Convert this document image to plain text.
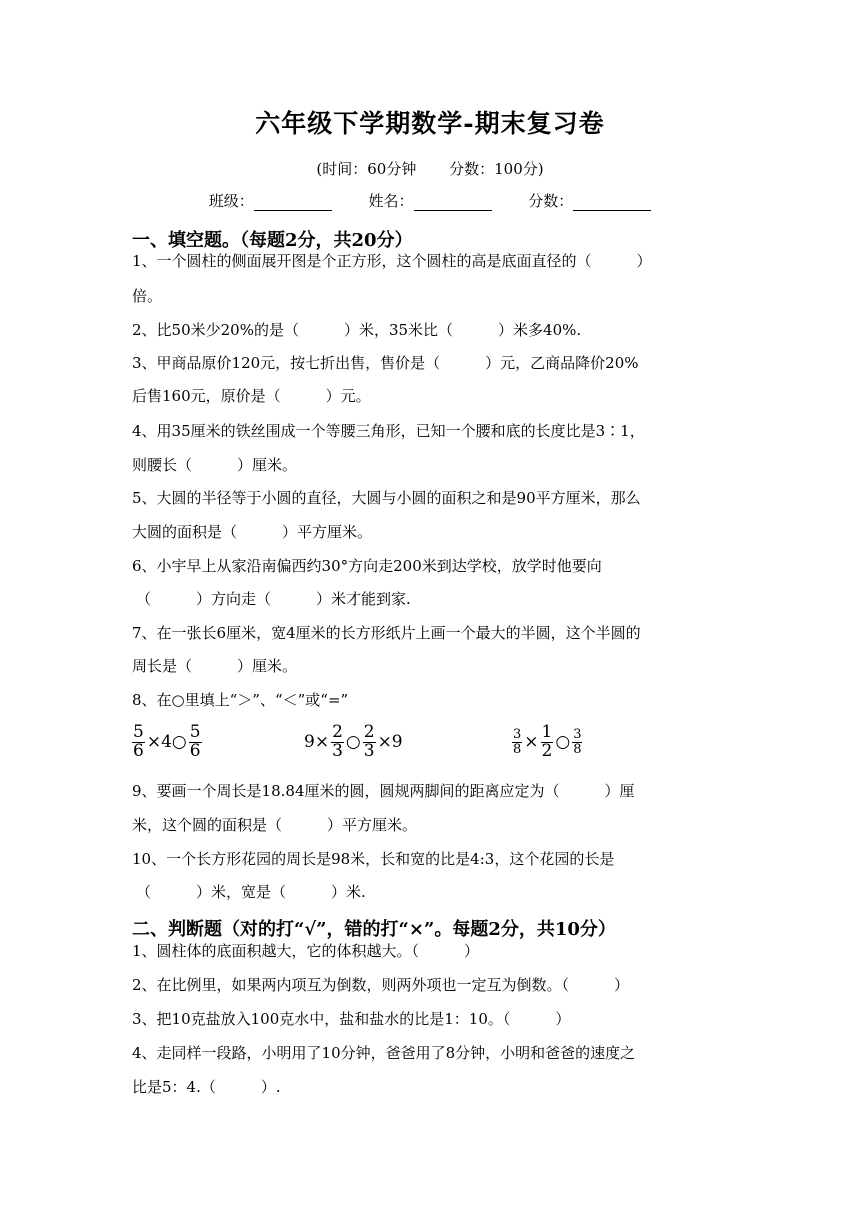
六年级下学期数学-期末复习卷
(时间：60分钟 分数：100分)
班级：	姓名：	分数：
一、填空题。（每题2分，共20分）
1、一个圆柱的侧面展开图是个正方形，这个圆柱的高是底面直径的（　　　）
倍。
2、比50米少20%的是（　　　）米，35米比（　　　）米多40%.
3、甲商品原价120元，按七折出售，售价是（　　　）元，乙商品降价20%
后售160元，原价是（　　　）元。
4、用35厘米的铁丝围成一个等腰三角形，已知一个腰和底的长度比是3∶1，
则腰长（　　　）厘米。
5、大圆的半径等于小圆的直径，大圆与小圆的面积之和是90平方厘米，那么
大圆的面积是（　　　）平方厘米。
6、小宇早上从家沿南偏西约30°方向走200米到达学校，放学时他要向
（　　　）方向走（　　　）米才能到家.
7、在一张长6厘米，宽4厘米的长方形纸片上画一个最大的半圆，这个半圆的
周长是（　　　）厘米。
8、在○里填上“＞”、“＜”或“=”
$\frac{5}{6}$ ×4○ $\frac{5}{6}$	$9\times \frac{2}{3}$ ○ $\frac{2}{3} \times 9$	$\frac{3}{8} \times \frac{1}{2}$ ○ $\frac{3}{8}$
9、要画一个周长是18.84厘米的圆，圆规两脚间的距离应定为（　　　）厘
米，这个圆的面积是（　　　）平方厘米。
10、一个长方形花园的周长是98米，长和宽的比是4:3，这个花园的长是
（　　　）米，宽是（　　　）米.
二、判断题（对的打“√”，错的打“×”。每题2分，共10分）
1、圆柱体的底面积越大，它的体积越大。（　　　）
2、在比例里，如果两内项互为倒数，则两外项也一定互为倒数。（　　　）
3、把10克盐放入100克水中，盐和盐水的比是1：10。（　　　）
4、走同样一段路，小明用了10分钟，爸爸用了8分钟，小明和爸爸的速度之
比是5：4.（　　　）.
